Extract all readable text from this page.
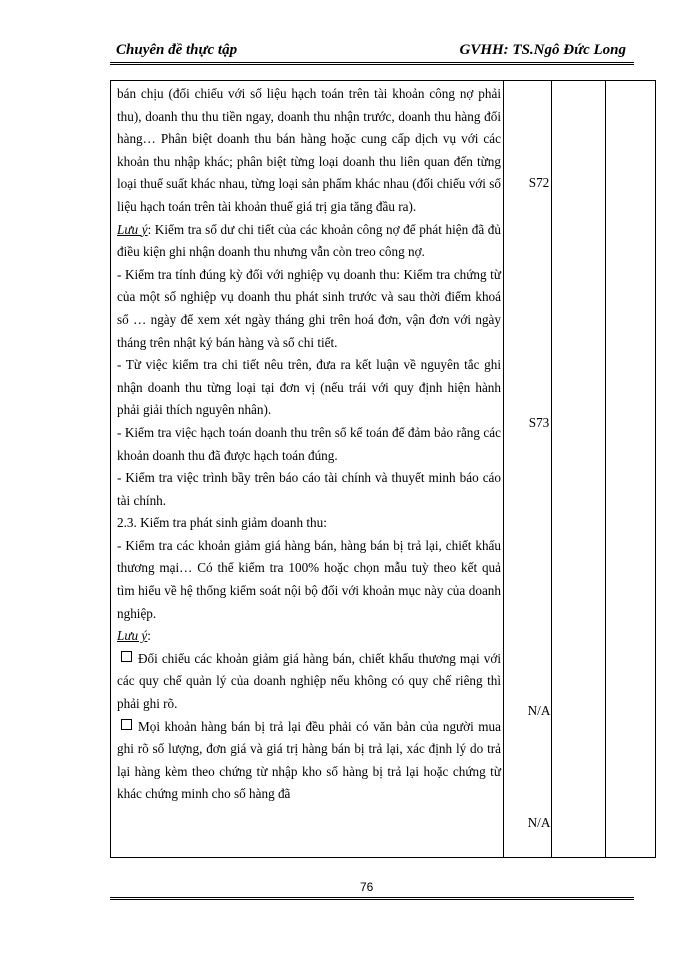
Chuyên đề thực tập	GVHH: TS.Ngô Đức Long

bán chịu (đối chiếu với số liệu hạch toán trên tài khoản công nợ phải thu), doanh thu thu tiền ngay, doanh thu nhận trước, doanh thu hàng đổi hàng… Phân biệt doanh thu bán hàng hoặc cung cấp dịch vụ với các khoản thu nhập khác; phân biệt từng loại doanh thu liên quan đến từng loại thuế suất khác nhau, từng loại sản phẩm khác nhau (đối chiếu với số liệu hạch toán trên tài khoản thuế giá trị gia tăng đầu ra).

Lưu ý: Kiểm tra số dư chi tiết của các khoản công nợ để phát hiện đã đủ điều kiện ghi nhận doanh thu nhưng vẫn còn treo công nợ.

- Kiểm tra tính đúng kỳ đối với nghiệp vụ doanh thu: Kiểm tra chứng từ của một số nghiệp vụ doanh thu phát sinh trước và sau thời điểm khoá sổ … ngày để xem xét ngày tháng ghi trên hoá đơn, vận đơn với ngày tháng trên nhật ký bán hàng và sổ chi tiết.

- Từ việc kiểm tra chi tiết nêu trên, đưa ra kết luận về nguyên tắc ghi nhận doanh thu từng loại tại đơn vị (nếu trái với quy định hiện hành phải giải thích nguyên nhân).

- Kiểm tra việc hạch toán doanh thu trên sổ kế toán để đảm bảo rằng các khoản doanh thu đã được hạch toán đúng.

- Kiểm tra việc trình bầy trên báo cáo tài chính và thuyết minh báo cáo tài chính.

2.3. Kiểm tra phát sinh giảm doanh thu:

- Kiểm tra các khoản giảm giá hàng bán, hàng bán bị trả lại, chiết khấu thương mại… Có thể kiểm tra 100% hoặc chọn mẫu tuỳ theo kết quả tìm hiểu về hệ thống kiểm soát nội bộ đối với khoản mục này của doanh nghiệp.

Lưu ý:

Đối chiếu các khoản giảm giá hàng bán, chiết khấu thương mại với các quy chế quản lý của doanh nghiệp nếu không có quy chế riêng thì phải ghi rõ.

Mọi khoản hàng bán bị trả lại đều phải có văn bản của người mua ghi rõ số lượng, đơn giá và giá trị hàng bán bị trả lại, xác định lý do trả lại hàng kèm theo chứng từ nhập kho số hàng bị trả lại hoặc chứng từ khác chứng minh cho số hàng đã

S72
S73
N/A
N/A
76
